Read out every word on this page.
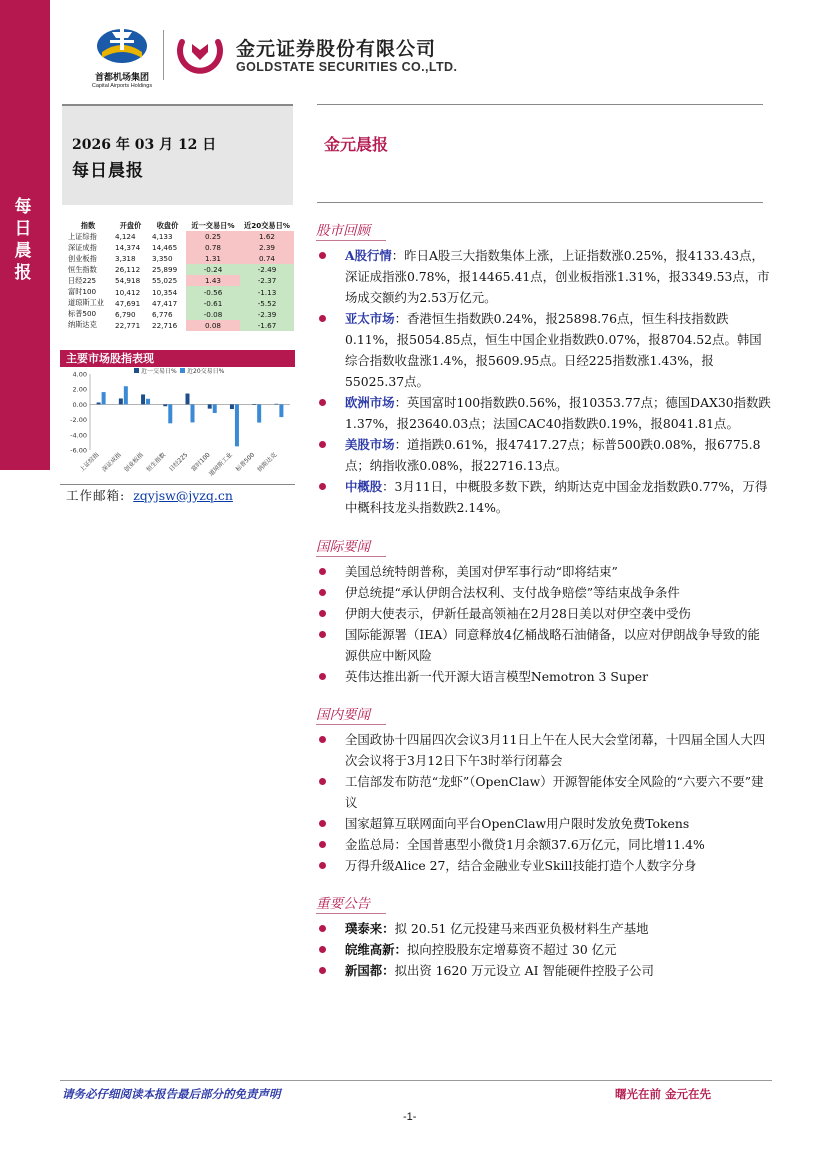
每日晨报
首都机场集团
Capital Airports Holdings
金元证券股份有限公司
GOLDSTATE SECURITIES CO.,LTD.
2026 年 03 月 12 日
每日晨报
指数	开盘价	收盘价	近一交易日%	近20交易日%
上证综指	4,124	4,133	0.25	1.62
深证成指	14,374	14,465	0.78	2.39
创业板指	3,318	3,350	1.31	0.74
恒生指数	26,112	25,899	-0.24	-2.49
日经225	54,918	55,025	1.43	-2.37
富时100	10,412	10,354	-0.56	-1.13
道琼斯工业	47,691	47,417	-0.61	-5.52
标普500	6,790	6,776	-0.08	-2.39
纳斯达克	22,771	22,716	0.08	-1.67
主要市场股指表现
4.00
2.00
0.00
-2.00
-4.00
-6.00
近一交易日% 近20交易日%
上证综指 深证成指 创业板指 恒生指数 日经225 富时100
道琼斯工业 标普500 纳斯达克
工作邮箱: zqyjsw@jyzq.cn
金元晨报
股市回顾
A股行情：昨日A股三大指数集体上涨，上证指数涨0.25%，报4133.43点，深证成指涨0.78%，报14465.41点，创业板指涨1.31%，报3349.53点，市场成交额约为2.53万亿元。
亚太市场：香港恒生指数跌0.24%，报25898.76点，恒生科技指数跌0.11%，报5054.85点，恒生中国企业指数跌0.07%，报8704.52点。韩国综合指数收盘涨1.4%，报5609.95点。日经225指数涨1.43%，报55025.37点。
欧洲市场：英国富时100指数跌0.56%，报10353.77点；德国DAX30指数跌1.37%，报23640.03点；法国CAC40指数跌0.19%，报8041.81点。
美股市场：道指跌0.61%，报47417.27点；标普500跌0.08%，报6775.8点；纳指收涨0.08%，报22716.13点。
中概股：3月11日，中概股多数下跌，纳斯达克中国金龙指数跌0.77%，万得中概科技龙头指数跌2.14%。
国际要闻
美国总统特朗普称，美国对伊军事行动“即将结束”
伊总统提“承认伊朗合法权利、支付战争赔偿”等结束战争条件
伊朗大使表示，伊新任最高领袖在2月28日美以对伊空袭中受伤
国际能源署（IEA）同意释放4亿桶战略石油储备，以应对伊朗战争导致的能源供应中断风险
英伟达推出新一代开源大语言模型Nemotron 3 Super
国内要闻
全国政协十四届四次会议3月11日上午在人民大会堂闭幕，十四届全国人大四次会议将于3月12日下午3时举行闭幕会
工信部发布防范“龙虾”（OpenClaw）开源智能体安全风险的“六要六不要”建议
国家超算互联网面向平台OpenClaw用户限时发放免费Tokens
金监总局：全国普惠型小微贷1月余额37.6万亿元，同比增11.4%
万得升级Alice 27，结合金融业专业Skill技能打造个人数字分身
重要公告
璞泰来：拟 20.51 亿元投建马来西亚负极材料生产基地
皖维高新：拟向控股股东定增募资不超过 30 亿元
新国都：拟出资 1620 万元设立 AI 智能硬件控股子公司
请务必仔细阅读本报告最后部分的免责声明	曙光在前 金元在先
-1-
